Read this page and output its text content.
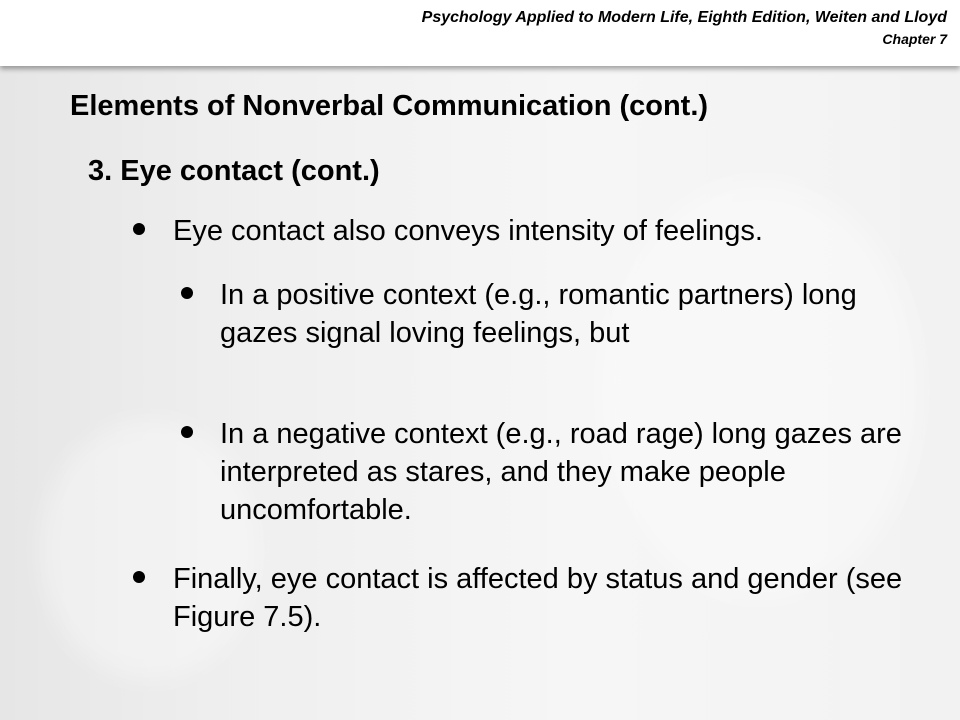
Psychology Applied to Modern Life, Eighth Edition, Weiten and Lloyd
Chapter 7
Elements of Nonverbal Communication (cont.)
3. Eye contact (cont.)
Eye contact also conveys intensity of feelings.
In a positive context (e.g., romantic partners) long gazes signal loving feelings, but
In a negative context (e.g., road rage) long gazes are interpreted as stares, and they make people uncomfortable.
Finally, eye contact is affected by status and gender (see Figure 7.5).
